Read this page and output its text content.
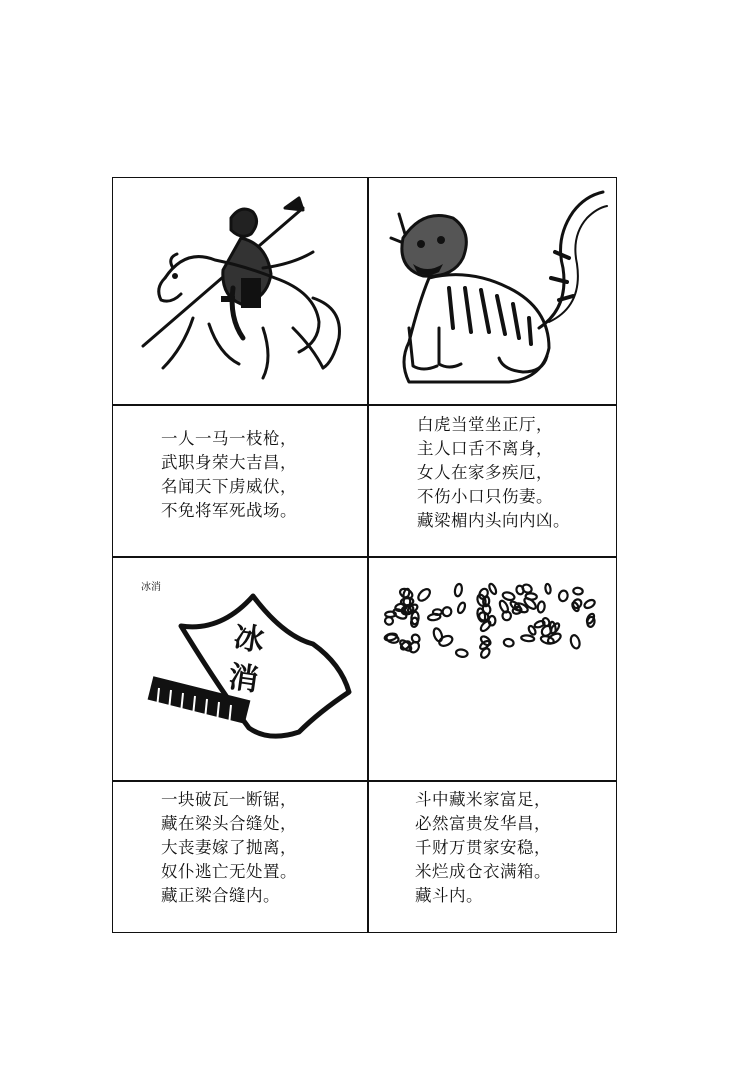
一人一马一枝枪，
武职身荣大吉昌，
名闻天下虏威伏，
不免将军死战场。
白虎当堂坐正厅，
主人口舌不离身，
女人在家多疾厄，
不伤小口只伤妻。
藏梁楣内头向内凶。
冰消
冰消
一块破瓦一断锯，
藏在梁头合缝处，
大丧妻嫁了抛离，
奴仆逃亡无处置。
藏正梁合缝内。
斗中藏米家富足，
必然富贵发华昌，
千财万贯家安稳，
米烂成仓衣满箱。
藏斗内。
